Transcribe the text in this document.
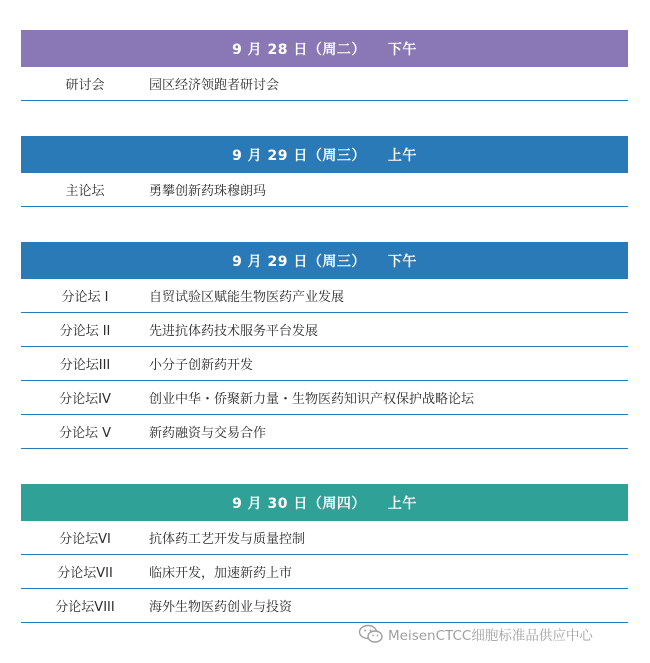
9 月 28 日（周二） 下午
研讨会	园区经济领跑者研讨会
9 月 29 日（周三） 上午
主论坛	勇攀创新药珠穆朗玛
9 月 29 日（周三） 下午
分论坛 I	自贸试验区赋能生物医药产业发展
分论坛 II	先进抗体药技术服务平台发展
分论坛III	小分子创新药开发
分论坛IV	创业中华・侨聚新力量・生物医药知识产权保护战略论坛
分论坛 V	新药融资与交易合作
9 月 30 日（周四） 上午
分论坛VI	抗体药工艺开发与质量控制
分论坛VII	临床开发，加速新药上市
分论坛VIII	海外生物医药创业与投资
MeisenCTCC细胞标准品供应中心
